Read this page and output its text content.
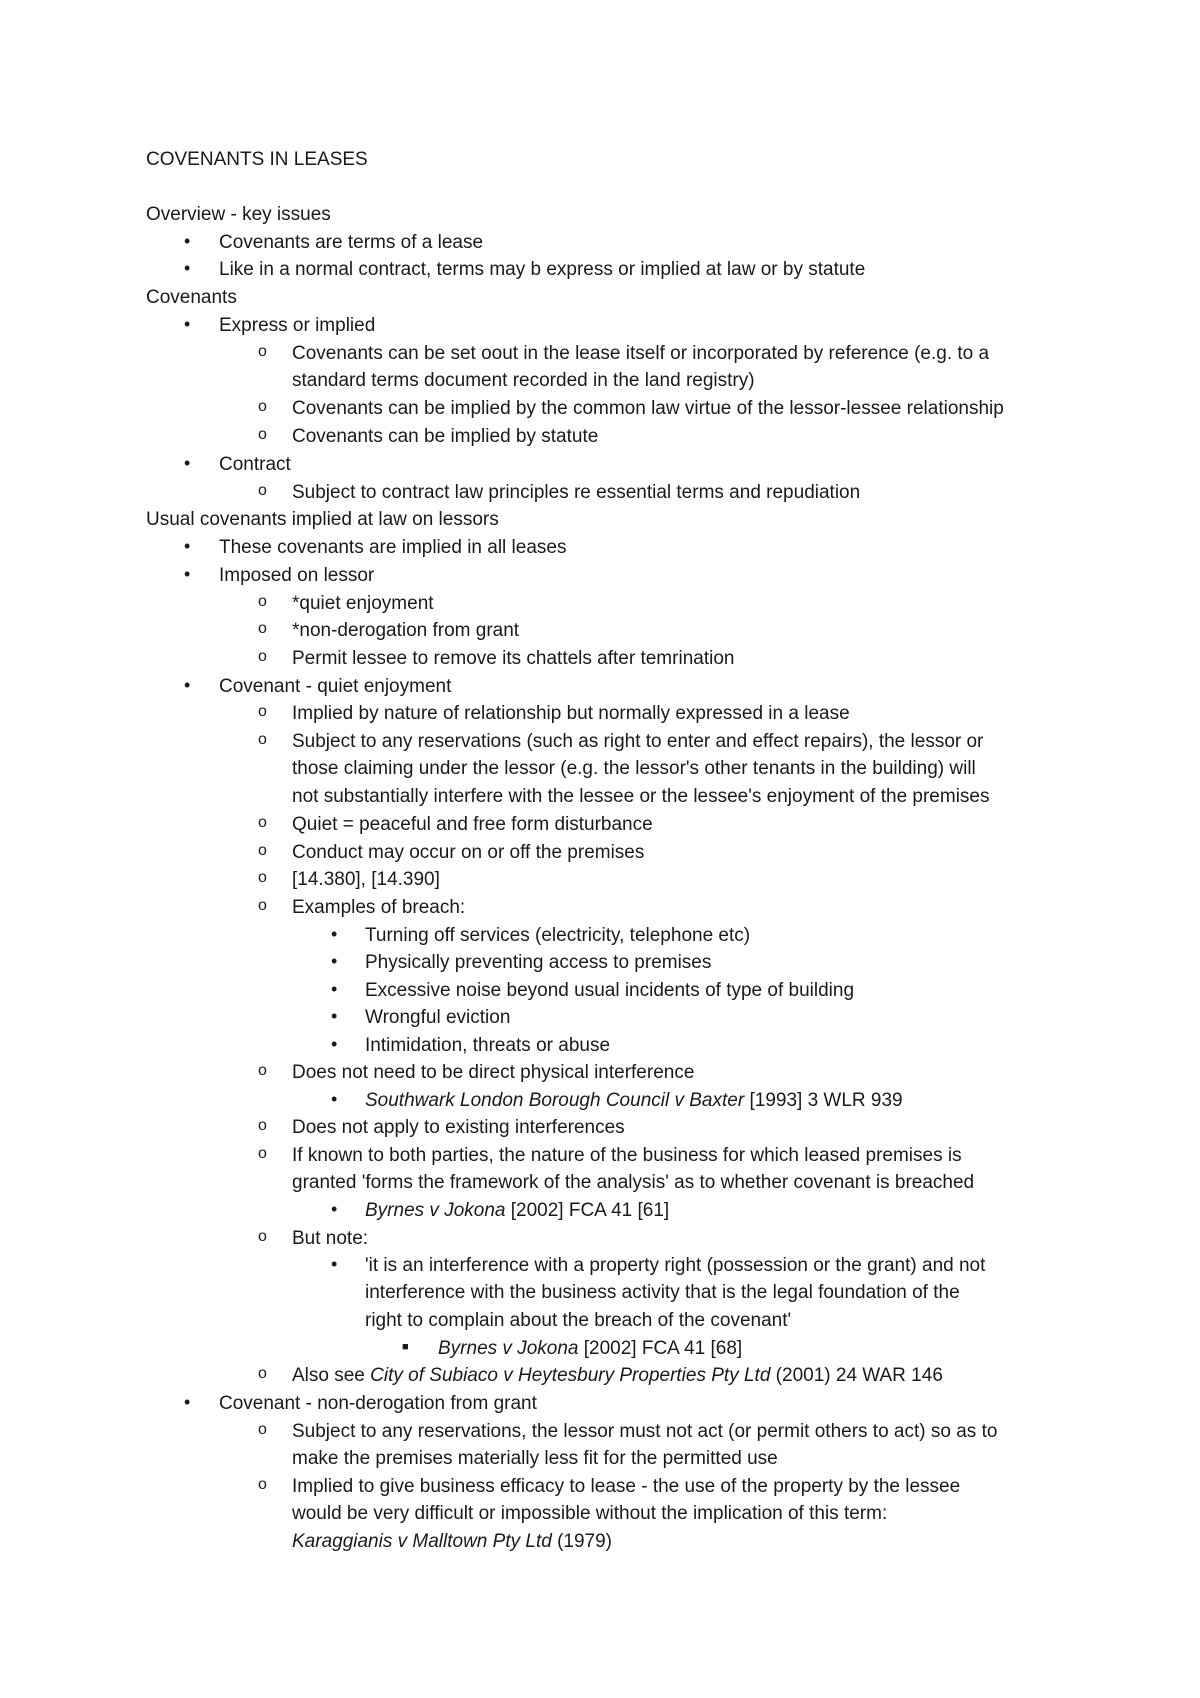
COVENANTS IN LEASES
Overview - key issues
• Covenants are terms of a lease
• Like in a normal contract, terms may b express or implied at law or by statute
Covenants
• Express or implied
o Covenants can be set oout in the lease itself or incorporated by reference (e.g. to a
standard terms document recorded in the land registry)
o Covenants can be implied by the common law virtue of the lessor-lessee relationship
o Covenants can be implied by statute
• Contract
o Subject to contract law principles re essential terms and repudiation
Usual covenants implied at law on lessors
• These covenants are implied in all leases
• Imposed on lessor
o *quiet enjoyment
o *non-derogation from grant
o Permit lessee to remove its chattels after temrination
• Covenant - quiet enjoyment
o Implied by nature of relationship but normally expressed in a lease
o Subject to any reservations (such as right to enter and effect repairs), the lessor or
those claiming under the lessor (e.g. the lessor's other tenants in the building) will
not substantially interfere with the lessee or the lessee's enjoyment of the premises
o Quiet = peaceful and free form disturbance
o Conduct may occur on or off the premises
o [14.380], [14.390]
o Examples of breach:
• Turning off services (electricity, telephone etc)
• Physically preventing access to premises
• Excessive noise beyond usual incidents of type of building
• Wrongful eviction
• Intimidation, threats or abuse
o Does not need to be direct physical interference
• Southwark London Borough Council v Baxter [1993] 3 WLR 939
o Does not apply to existing interferences
o If known to both parties, the nature of the business for which leased premises is
granted 'forms the framework of the analysis' as to whether covenant is breached
• Byrnes v Jokona [2002] FCA 41 [61]
o But note:
• 'it is an interference with a property right (possession or the grant) and not
interference with the business activity that is the legal foundation of the
right to complain about the breach of the covenant'
■ Byrnes v Jokona [2002] FCA 41 [68]
o Also see City of Subiaco v Heytesbury Properties Pty Ltd (2001) 24 WAR 146
• Covenant - non-derogation from grant
o Subject to any reservations, the lessor must not act (or permit others to act) so as to
make the premises materially less fit for the permitted use
o Implied to give business efficacy to lease - the use of the property by the lessee
would be very difficult or impossible without the implication of this term:
Karaggianis v Malltown Pty Ltd (1979)
